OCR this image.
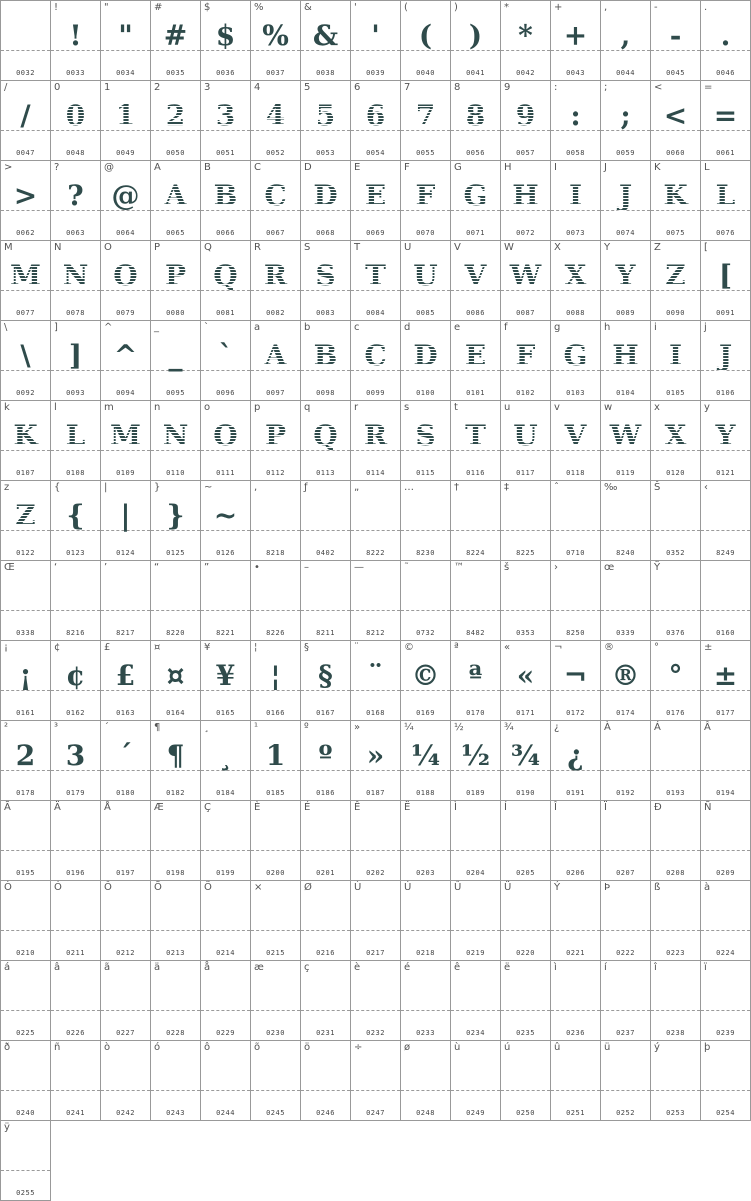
0032
!
!
0033
"
"
0034
#
#
0035
$
$
0036
%
%
0037
&
&
0038
'
'
0039
(
(
0040
)
)
0041
*
*
0042
+
+
0043
,
,
0044
-
-
0045
.
.
0046
/
/
0047
0
0
0048
1
1
0049
2
2
0050
3
3
0051
4
4
0052
5
5
0053
6
6
0054
7
7
0055
8
8
0056
9
9
0057
:
:
0058
;
;
0059
<
<
0060
=
=
0061
>
>
0062
?
?
0063
@
@
0064
A
A
0065
B
B
0066
C
C
0067
D
D
0068
E
E
0069
F
F
0070
G
G
0071
H
H
0072
I
I
0073
J
J
0074
K
K
0075
L
L
0076
M
M
0077
N
N
0078
O
O
0079
P
P
0080
Q
Q
0081
R
R
0082
S
S
0083
T
T
0084
U
U
0085
V
V
0086
W
W
0087
X
X
0088
Y
Y
0089
Z
Z
0090
[
[
0091
\
\
0092
]
]
0093
^
^
0094
_
_
0095
`
`
0096
a
A
0097
b
B
0098
c
C
0099
d
D
0100
e
E
0101
f
F
0102
g
G
0103
h
H
0104
i
I
0105
j
J
0106
k
K
0107
l
L
0108
m
M
0109
n
N
0110
o
O
0111
p
P
0112
q
Q
0113
r
R
0114
s
S
0115
t
T
0116
u
U
0117
v
V
0118
w
W
0119
x
X
0120
y
Y
0121
z
Z
0122
{
{
0123
|
|
0124
}
}
0125
~
~
0126
,
8218
ƒ
0402
„
8222
…
8230
†
8224
‡
8225
ˆ
0710
‰
8240
Š
0352
‹
8249
Œ
0338
‘
8216
’
8217
“
8220
”
8221
•
8226
–
8211
—
8212
˜
0732
™
8482
š
0353
›
8250
œ
0339
Ÿ
0376	0160
¡
¡
0161
¢
¢
0162
£
£
0163
¤
¤
0164
¥
¥
0165
¦
¦
0166
§
§
0167
¨
¨
0168
©
©
0169
ª
ª
0170
«
«
0171
¬
¬
0172
®
®
0174
°
°
0176
±
±
0177
²
2
0178
³
3
0179
´
´
0180
¶
¶
0182
¸
¸
0184
¹
1
0185
º
º
0186
»
»
0187
¼
¼
0188
½
½
0189
¾
¾
0190
¿
¿
0191
À
0192
Á
0193
Â
0194
Ã
0195
Ä
0196
Å
0197
Æ
0198
Ç
0199
È
0200
É
0201
Ê
0202
Ë
0203
Ì
0204
Í
0205
Î
0206
Ï
0207
Ð
0208
Ñ
0209
Ò
0210
Ó
0211
Ô
0212
Õ
0213
Ö
0214
×
0215
Ø
0216
Ù
0217
Ú
0218
Û
0219
Ü
0220
Ý
0221
Þ
0222
ß
0223
à
0224
á
0225
â
0226
ã
0227
ä
0228
å
0229
æ
0230
ç
0231
è
0232
é
0233
ê
0234
ë
0235
ì
0236
í
0237
î
0238
ï
0239
ð
0240
ñ
0241
ò
0242
ó
0243
ô
0244
õ
0245
ö
0246
÷
0247
ø
0248
ù
0249
ú
0250
û
0251
ü
0252
ý
0253
þ
0254
ÿ
0255
